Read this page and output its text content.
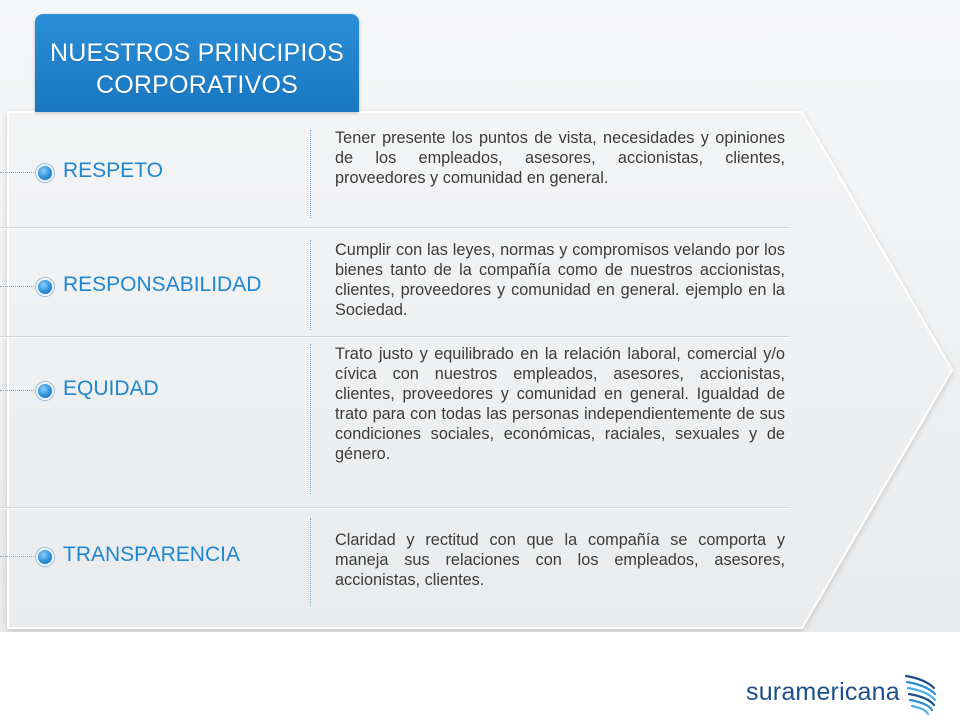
NUESTROS PRINCIPIOS
CORPORATIVOS
RESPETO
Tener presente los puntos de vista, necesidades y opiniones de los empleados, asesores, accionistas, clientes, proveedores y comunidad en general.
RESPONSABILIDAD
Cumplir con las leyes, normas y compromisos velando por los bienes tanto de la compañía como de nuestros accionistas, clientes, proveedores y comunidad en general. ejemplo en la Sociedad.
EQUIDAD
Trato justo y equilibrado en la relación laboral, comercial y/o cívica con nuestros empleados, asesores, accionistas, clientes, proveedores y comunidad en general. Igualdad de trato para con todas las personas independientemente de sus condiciones sociales, económicas, raciales, sexuales y de género.
TRANSPARENCIA
Claridad y rectitud con que la compañía se comporta y maneja sus relaciones con los empleados, asesores, accionistas, clientes.
suramericana
